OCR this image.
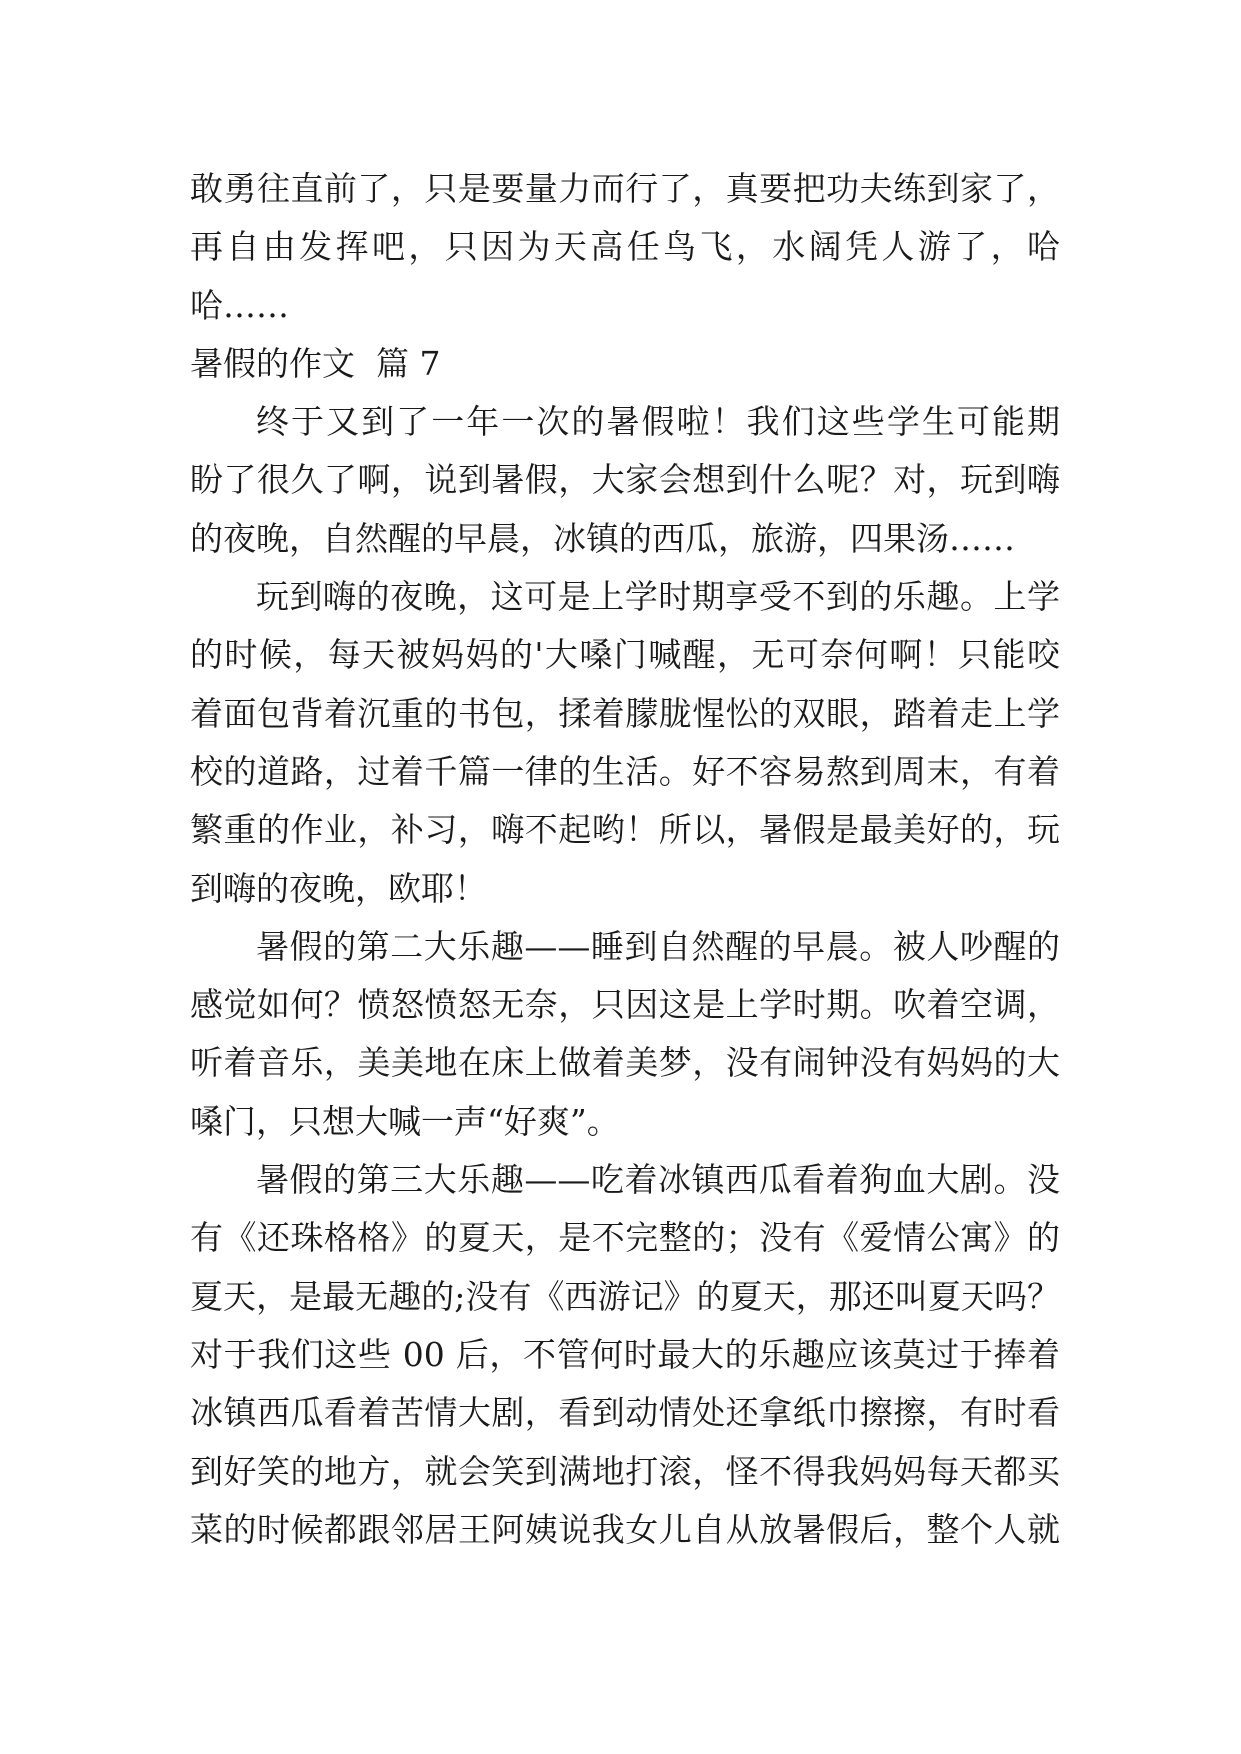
敢勇往直前了，只是要量力而行了，真要把功夫练到家了，
再自由发挥吧，只因为天高任鸟飞，水阔凭人游了，哈
哈……
暑假的作文  篇 7
终于又到了一年一次的暑假啦！我们这些学生可能期
盼了很久了啊，说到暑假，大家会想到什么呢？对，玩到嗨
的夜晚，自然醒的早晨，冰镇的西瓜，旅游，四果汤……
玩到嗨的夜晚，这可是上学时期享受不到的乐趣。上学
的时候，每天被妈妈的'大嗓门喊醒，无可奈何啊！只能咬
着面包背着沉重的书包，揉着朦胧惺忪的双眼，踏着走上学
校的道路，过着千篇一律的生活。好不容易熬到周末，有着
繁重的作业，补习，嗨不起哟！所以，暑假是最美好的，玩
到嗨的夜晚，欧耶！
暑假的第二大乐趣——睡到自然醒的早晨。被人吵醒的
感觉如何？愤怒愤怒无奈，只因这是上学时期。吹着空调，
听着音乐，美美地在床上做着美梦，没有闹钟没有妈妈的大
嗓门，只想大喊一声“好爽”。
暑假的第三大乐趣——吃着冰镇西瓜看着狗血大剧。没
有《还珠格格》的夏天，是不完整的；没有《爱情公寓》的
夏天，是最无趣的;没有《西游记》的夏天，那还叫夏天吗？
对于我们这些 00 后，不管何时最大的乐趣应该莫过于捧着
冰镇西瓜看着苦情大剧，看到动情处还拿纸巾擦擦，有时看
到好笑的地方，就会笑到满地打滚，怪不得我妈妈每天都买
菜的时候都跟邻居王阿姨说我女儿自从放暑假后，整个人就
